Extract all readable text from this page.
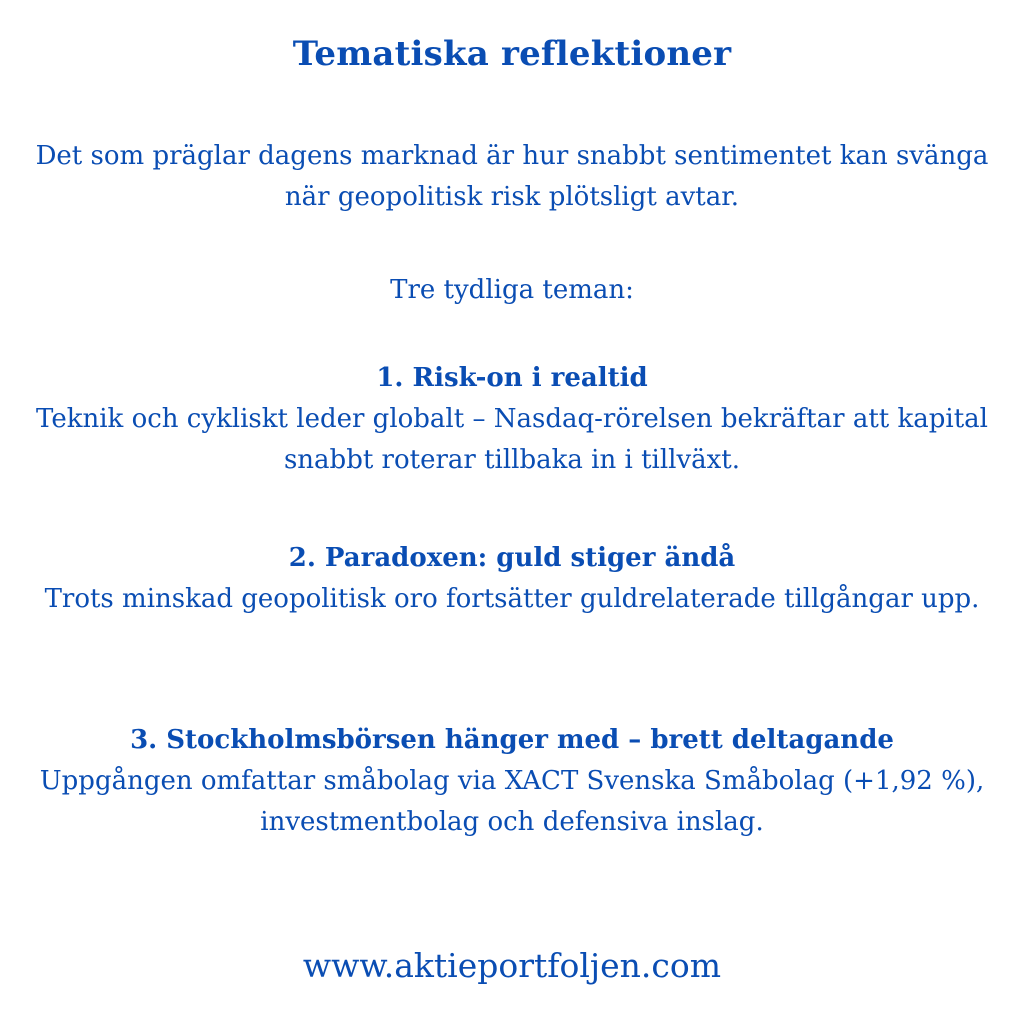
Tematiska reflektioner

Det som präglar dagens marknad är hur snabbt sentimentet kan svänga när geopolitisk risk plötsligt avtar.

Tre tydliga teman:

1. Risk-on i realtid
Teknik och cykliskt leder globalt – Nasdaq-rörelsen bekräftar att kapital snabbt roterar tillbaka in i tillväxt.
2. Paradoxen: guld stiger ändå
Trots minskad geopolitisk oro fortsätter guldrelaterade tillgångar upp.
3. Stockholmsbörsen hänger med – brett deltagande
Uppgången omfattar småbolag via XACT Svenska Småbolag (+1,92 %), investmentbolag och defensiva inslag.

www.aktieportfoljen.com
